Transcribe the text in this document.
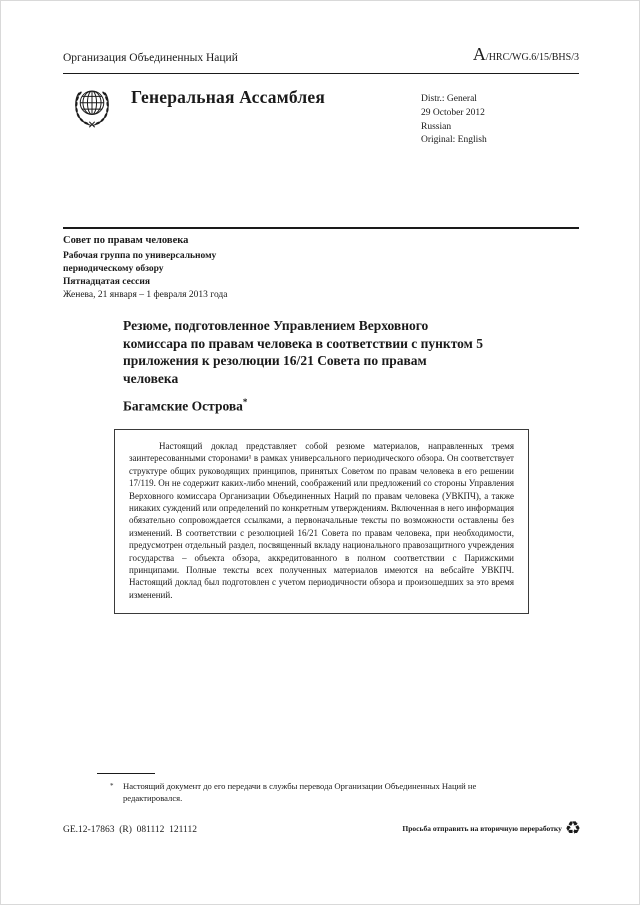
Организация Объединенных Наций	A/HRC/WG.6/15/BHS/3
Генеральная Ассамблея	Distr.: General
29 October 2012
Russian
Original: English
Совет по правам человека
Рабочая группа по универсальному периодическому обзору
Пятнадцатая сессия
Женева, 21 января – 1 февраля 2013 года
Резюме, подготовленное Управлением Верховного комиссара по правам человека в соответствии с пунктом 5 приложения к резолюции 16/21 Совета по правам человека
Багамские Острова*

Настоящий доклад представляет собой резюме материалов, направленных тремя заинтересованными сторонами¹ в рамках универсального периодического обзора. Он соответствует структуре общих руководящих принципов, принятых Советом по правам человека в его решении 17/119. Он не содержит каких-либо мнений, соображений или предложений со стороны Управления Верховного комиссара Организации Объединенных Наций по правам человека (УВКПЧ), а также никаких суждений или определений по конкретным утверждениям. Включенная в него информация обязательно сопровождается ссылками, а первоначальные тексты по возможности оставлены без изменений. В соответствии с резолюцией 16/21 Совета по правам человека, при необходимости, предусмотрен отдельный раздел, посвященный вкладу национального правозащитного учреждения государства – объекта обзора, аккредитованного в полном соответствии с Парижскими принципами. Полные тексты всех полученных материалов имеются на вебсайте УВКПЧ. Настоящий доклад был подготовлен с учетом периодичности обзора и произошедших за это время изменений.

*	Настоящий документ до его передачи в службы перевода Организации Объединенных Наций не редактировался.
GE.12-17863  (R)  081112  121112	Просьба отправить на вторичную переработку ♻
